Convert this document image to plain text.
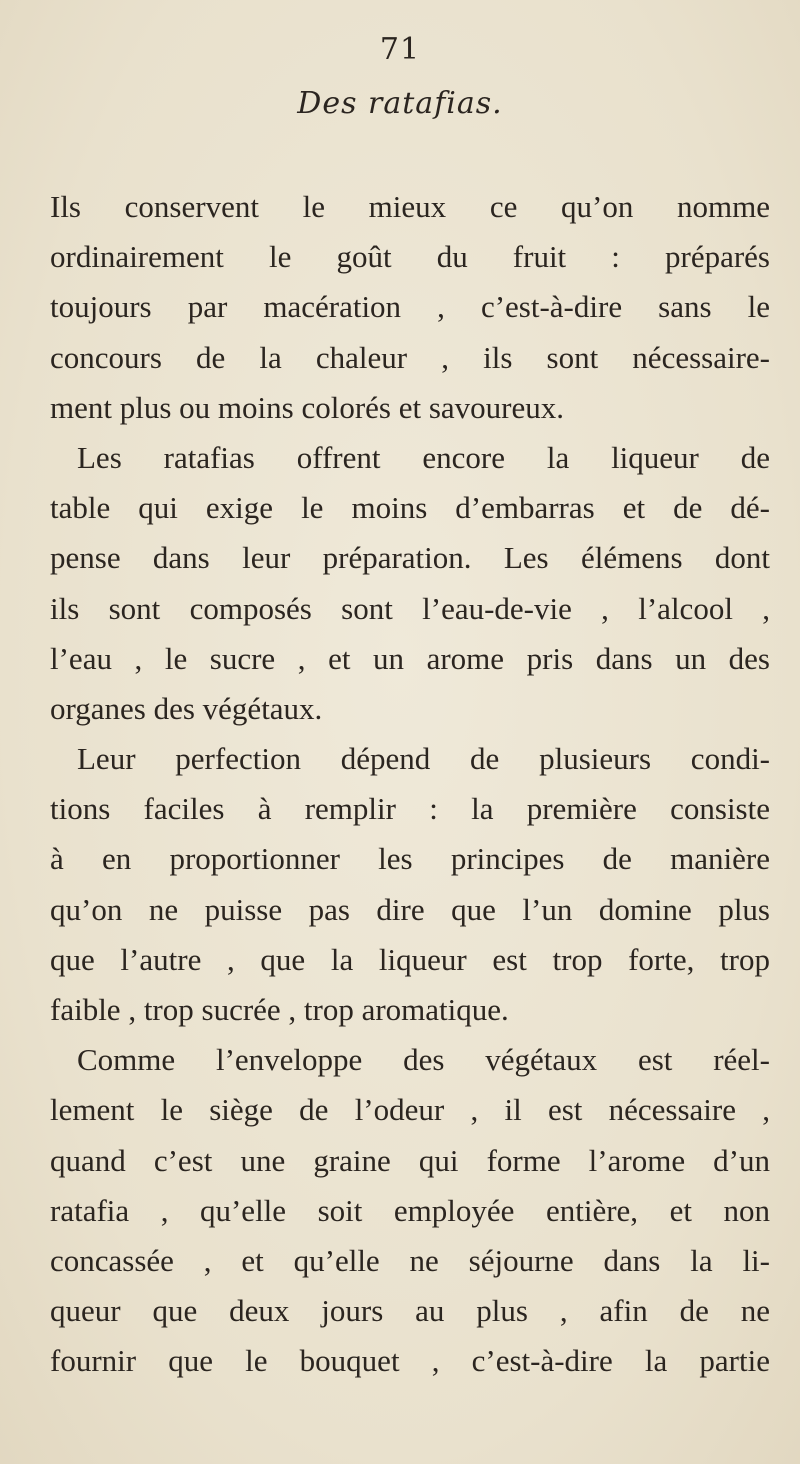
71
Des ratafias.
Ils conservent le mieux ce qu’on nomme
ordinairement le goût du fruit : préparés
toujours par macération , c’est-à-dire sans le
concours de la chaleur , ils sont nécessaire-
ment plus ou moins colorés et savoureux.
Les ratafias offrent encore la liqueur de
table qui exige le moins d’embarras et de dé-
pense dans leur préparation. Les élémens dont
ils sont composés sont l’eau-de-vie , l’alcool ,
l’eau , le sucre , et un arome pris dans un des
organes des végétaux.
Leur perfection dépend de plusieurs condi-
tions faciles à remplir : la première consiste
à en proportionner les principes de manière
qu’on ne puisse pas dire que l’un domine plus
que l’autre , que la liqueur est trop forte, trop
faible , trop sucrée , trop aromatique.
Comme l’enveloppe des végétaux est réel-
lement le siège de l’odeur , il est nécessaire ,
quand c’est une graine qui forme l’arome d’un
ratafia , qu’elle soit employée entière, et non
concassée , et qu’elle ne séjourne dans la li-
queur que deux jours au plus , afin de ne
fournir que le bouquet , c’est-à-dire la partie
